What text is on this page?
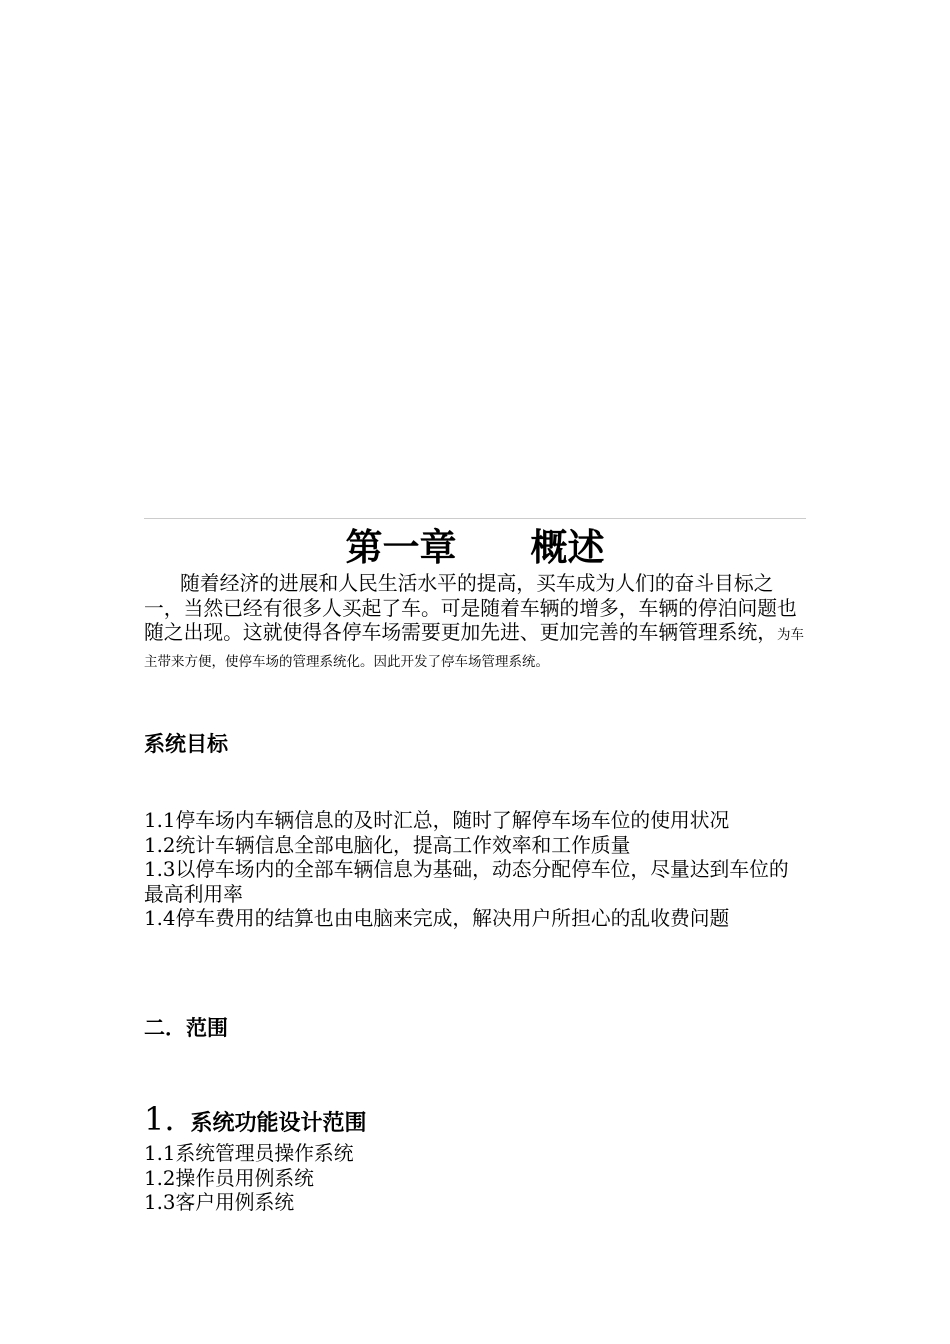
第一章　　概述

随着经济的进展和人民生活水平的提高，买车成为人们的奋斗目标之一，当然已经有很多人买起了车。可是随着车辆的增多，车辆的停泊问题也随之出现。这就使得各停车场需要更加先进、更加完善的车辆管理系统，为车主带来方便，使停车场的管理系统化。因此开发了停车场管理系统。

系统目标
1.1停车场内车辆信息的及时汇总，随时了解停车场车位的使用状况
1.2统计车辆信息全部电脑化，提高工作效率和工作质量
1.3以停车场内的全部车辆信息为基础，动态分配停车位，尽量达到车位的最高利用率
1.4停车费用的结算也由电脑来完成，解决用户所担心的乱收费问题
二．范围
1. 系统功能设计范围
1.1系统管理员操作系统
1.2操作员用例系统
1.3客户用例系统
